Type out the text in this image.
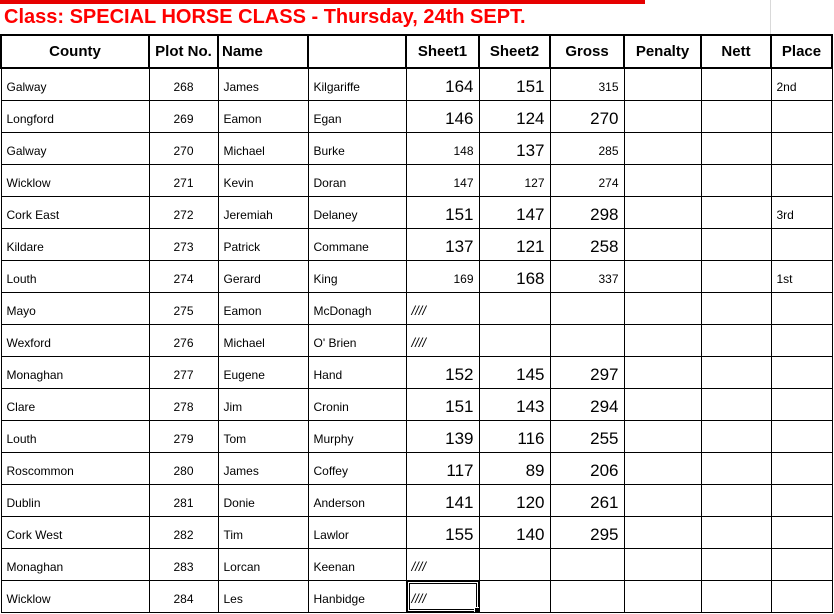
Class: SPECIAL HORSE CLASS - Thursday, 24th SEPT.
County	Plot No.	Name		Sheet1	Sheet2	Gross	Penalty	Nett	Place
Galway	268	James	Kilgariffe	164	151	315			2nd
Longford	269	Eamon	Egan	146	124	270			
Galway	270	Michael	Burke	148	137	285			
Wicklow	271	Kevin	Doran	147	127	274			
Cork East	272	Jeremiah	Delaney	151	147	298			3rd
Kildare	273	Patrick	Commane	137	121	258			
Louth	274	Gerard	King	169	168	337			1st
Mayo	275	Eamon	McDonagh	////					
Wexford	276	Michael	O' Brien	////					
Monaghan	277	Eugene	Hand	152	145	297			
Clare	278	Jim	Cronin	151	143	294			
Louth	279	Tom	Murphy	139	116	255			
Roscommon	280	James	Coffey	117	89	206			
Dublin	281	Donie	Anderson	141	120	261			
Cork West	282	Tim	Lawlor	155	140	295			
Monaghan	283	Lorcan	Keenan	////					
Wicklow	284	Les	Hanbidge	////
